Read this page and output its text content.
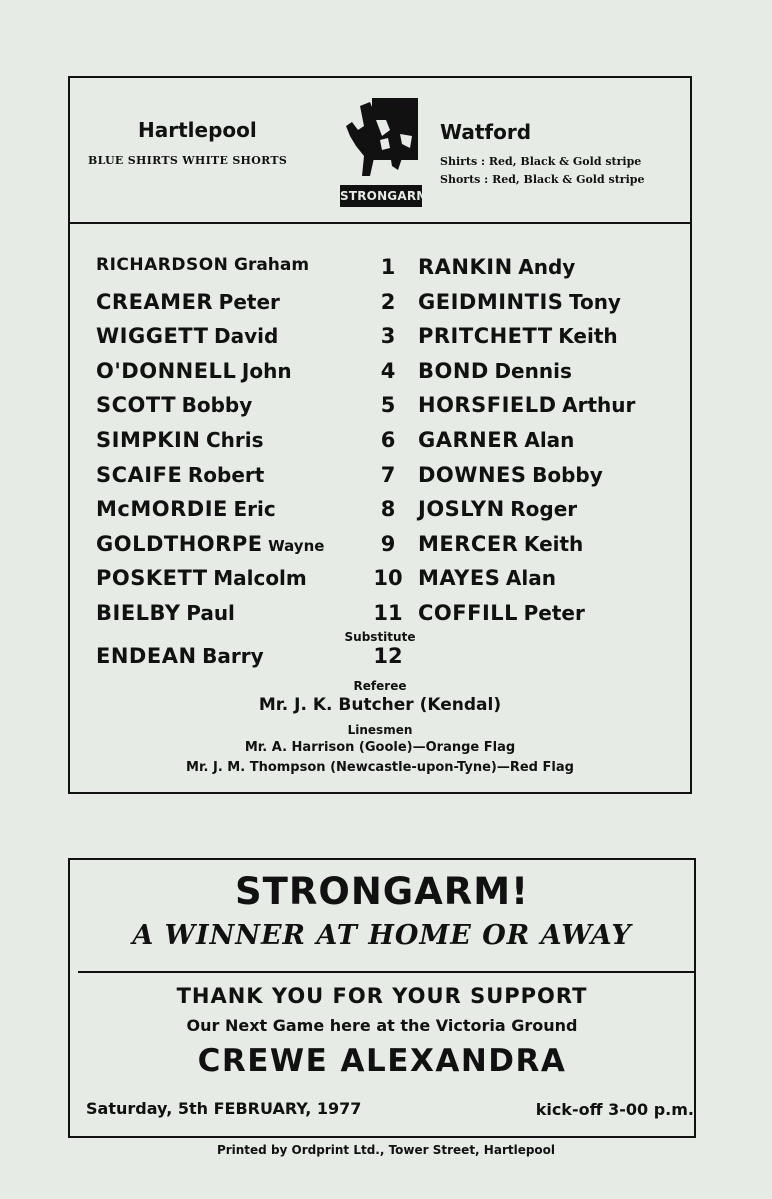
Hartlepool
BLUE SHIRTS WHITE SHORTS
STRONGARM
Watford
Shirts : Red, Black & Gold stripe
Shorts : Red, Black & Gold stripe
RICHARDSON Graham	1	RANKIN Andy
CREAMER Peter	2	GEIDMINTIS Tony
WIGGETT David	3	PRITCHETT Keith
O'DONNELL John	4	BOND Dennis
SCOTT Bobby	5	HORSFIELD Arthur
SIMPKIN Chris	6	GARNER Alan
SCAIFE Robert	7	DOWNES Bobby
McMORDIE Eric	8	JOSLYN Roger
GOLDTHORPE Wayne	9	MERCER Keith
POSKETT Malcolm	10 MAYES Alan
BIELBY Paul	11 COFFILL Peter
Substitute
ENDEAN Barry	12
Referee
Mr. J. K. Butcher (Kendal)
Linesmen
Mr. A. Harrison (Goole)—Orange Flag
Mr. J. M. Thompson (Newcastle-upon-Tyne)—Red Flag
STRONGARM!
A WINNER AT HOME OR AWAY
THANK YOU FOR YOUR SUPPORT
Our Next Game here at the Victoria Ground
CREWE ALEXANDRA
Saturday, 5th FEBRUARY, 1977	kick-off 3-00 p.m.
Printed by Ordprint Ltd., Tower Street, Hartlepool
